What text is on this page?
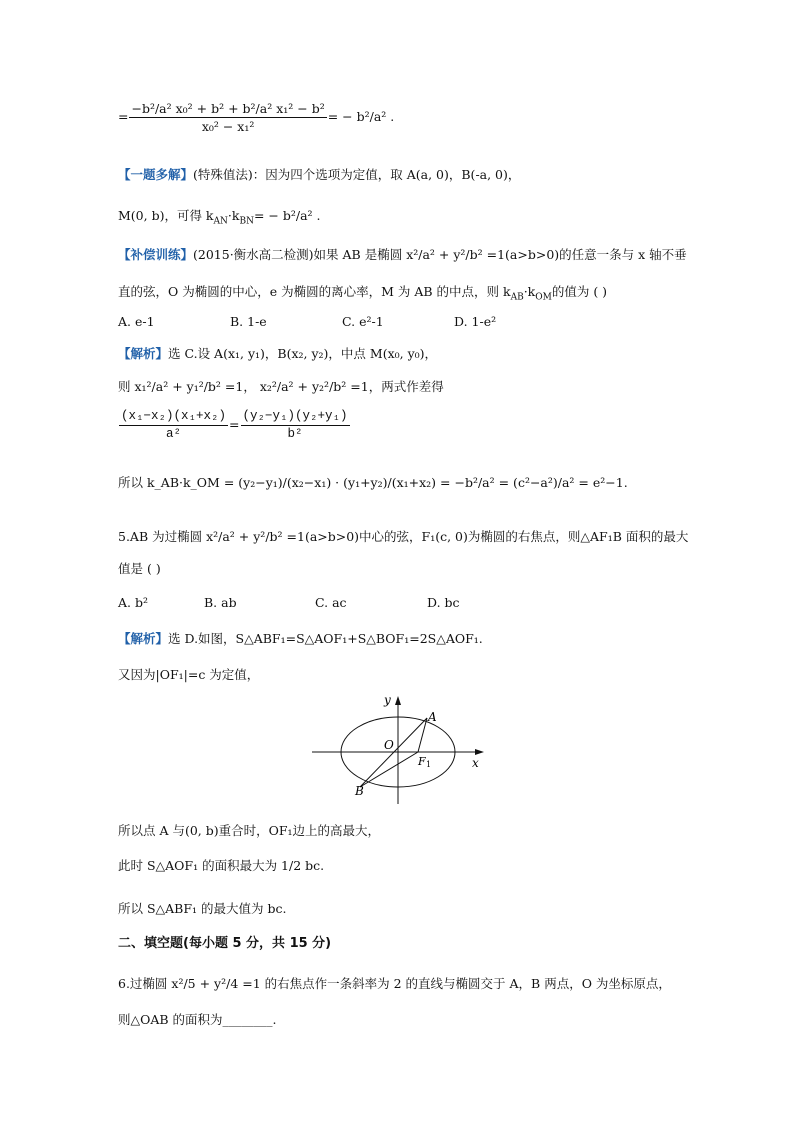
= $\frac{\text{−b²/a² x₀² + b² + b²/a² x₁² − b²}}{\text{x₀² − x₁²}}$ = − b²/a² .
【一题多解】(特殊值法)：因为四个选项为定值，取 A(a, 0)，B(-a, 0)，
M(0, b)，可得 $k_{AN}\cdot k_{BN}= - b^2/a^2$ .
【补偿训练】(2015·衡水高二检测)如果 AB 是椭圆 x²/a² + y²/b² =1(a>b>0)的任意一条与 x 轴不垂
直的弦，O 为椭圆的中心，e 为椭圆的离心率，M 为 AB 的中点，则 $k_{AB}\cdot k_{OM}$的值为 ( )
A. e-1	B. 1-e	C. e²-1	D. 1-e²
【解析】选 C.设 A(x₁, y₁)，B(x₂, y₂)，中点 M(x₀, y₀)，
则 x₁²/a² + y₁²/b² =1， x₂²/a² + y₂²/b² =1，两式作差得
$\frac{\text{(x₁−x₂)(x₁+x₂)}}{\text{a²}} = \frac{\text{(y₂−y₁)(y₂+y₁)}}{\text{b²}}$
所以 k_AB·k_OM = (y₂−y₁)/(x₂−x₁) · (y₁+y₂)/(x₁+x₂) = −b²/a² = (c²−a²)/a² = e²−1.
5.AB 为过椭圆 x²/a² + y²/b² =1(a>b>0)中心的弦，F₁(c, 0)为椭圆的右焦点，则△AF₁B 面积的最大
值是 ( )
A. b²	B. ab	C. ac	D. bc
【解析】选 D.如图，S△ABF₁=S△AOF₁+S△BOF₁=2S△AOF₁.
又因为|OF₁|=c 为定值，
y
x
O
A
B
F 1
所以点 A 与(0, b)重合时，OF₁边上的高最大，
此时 S△AOF₁ 的面积最大为 1/2 bc.
所以 S△ABF₁ 的最大值为 bc.
二、填空题(每小题 5 分，共 15 分)
6.过椭圆 x²/5 + y²/4 =1 的右焦点作一条斜率为 2 的直线与椭圆交于 A，B 两点，O 为坐标原点，
则△OAB 的面积为________.
